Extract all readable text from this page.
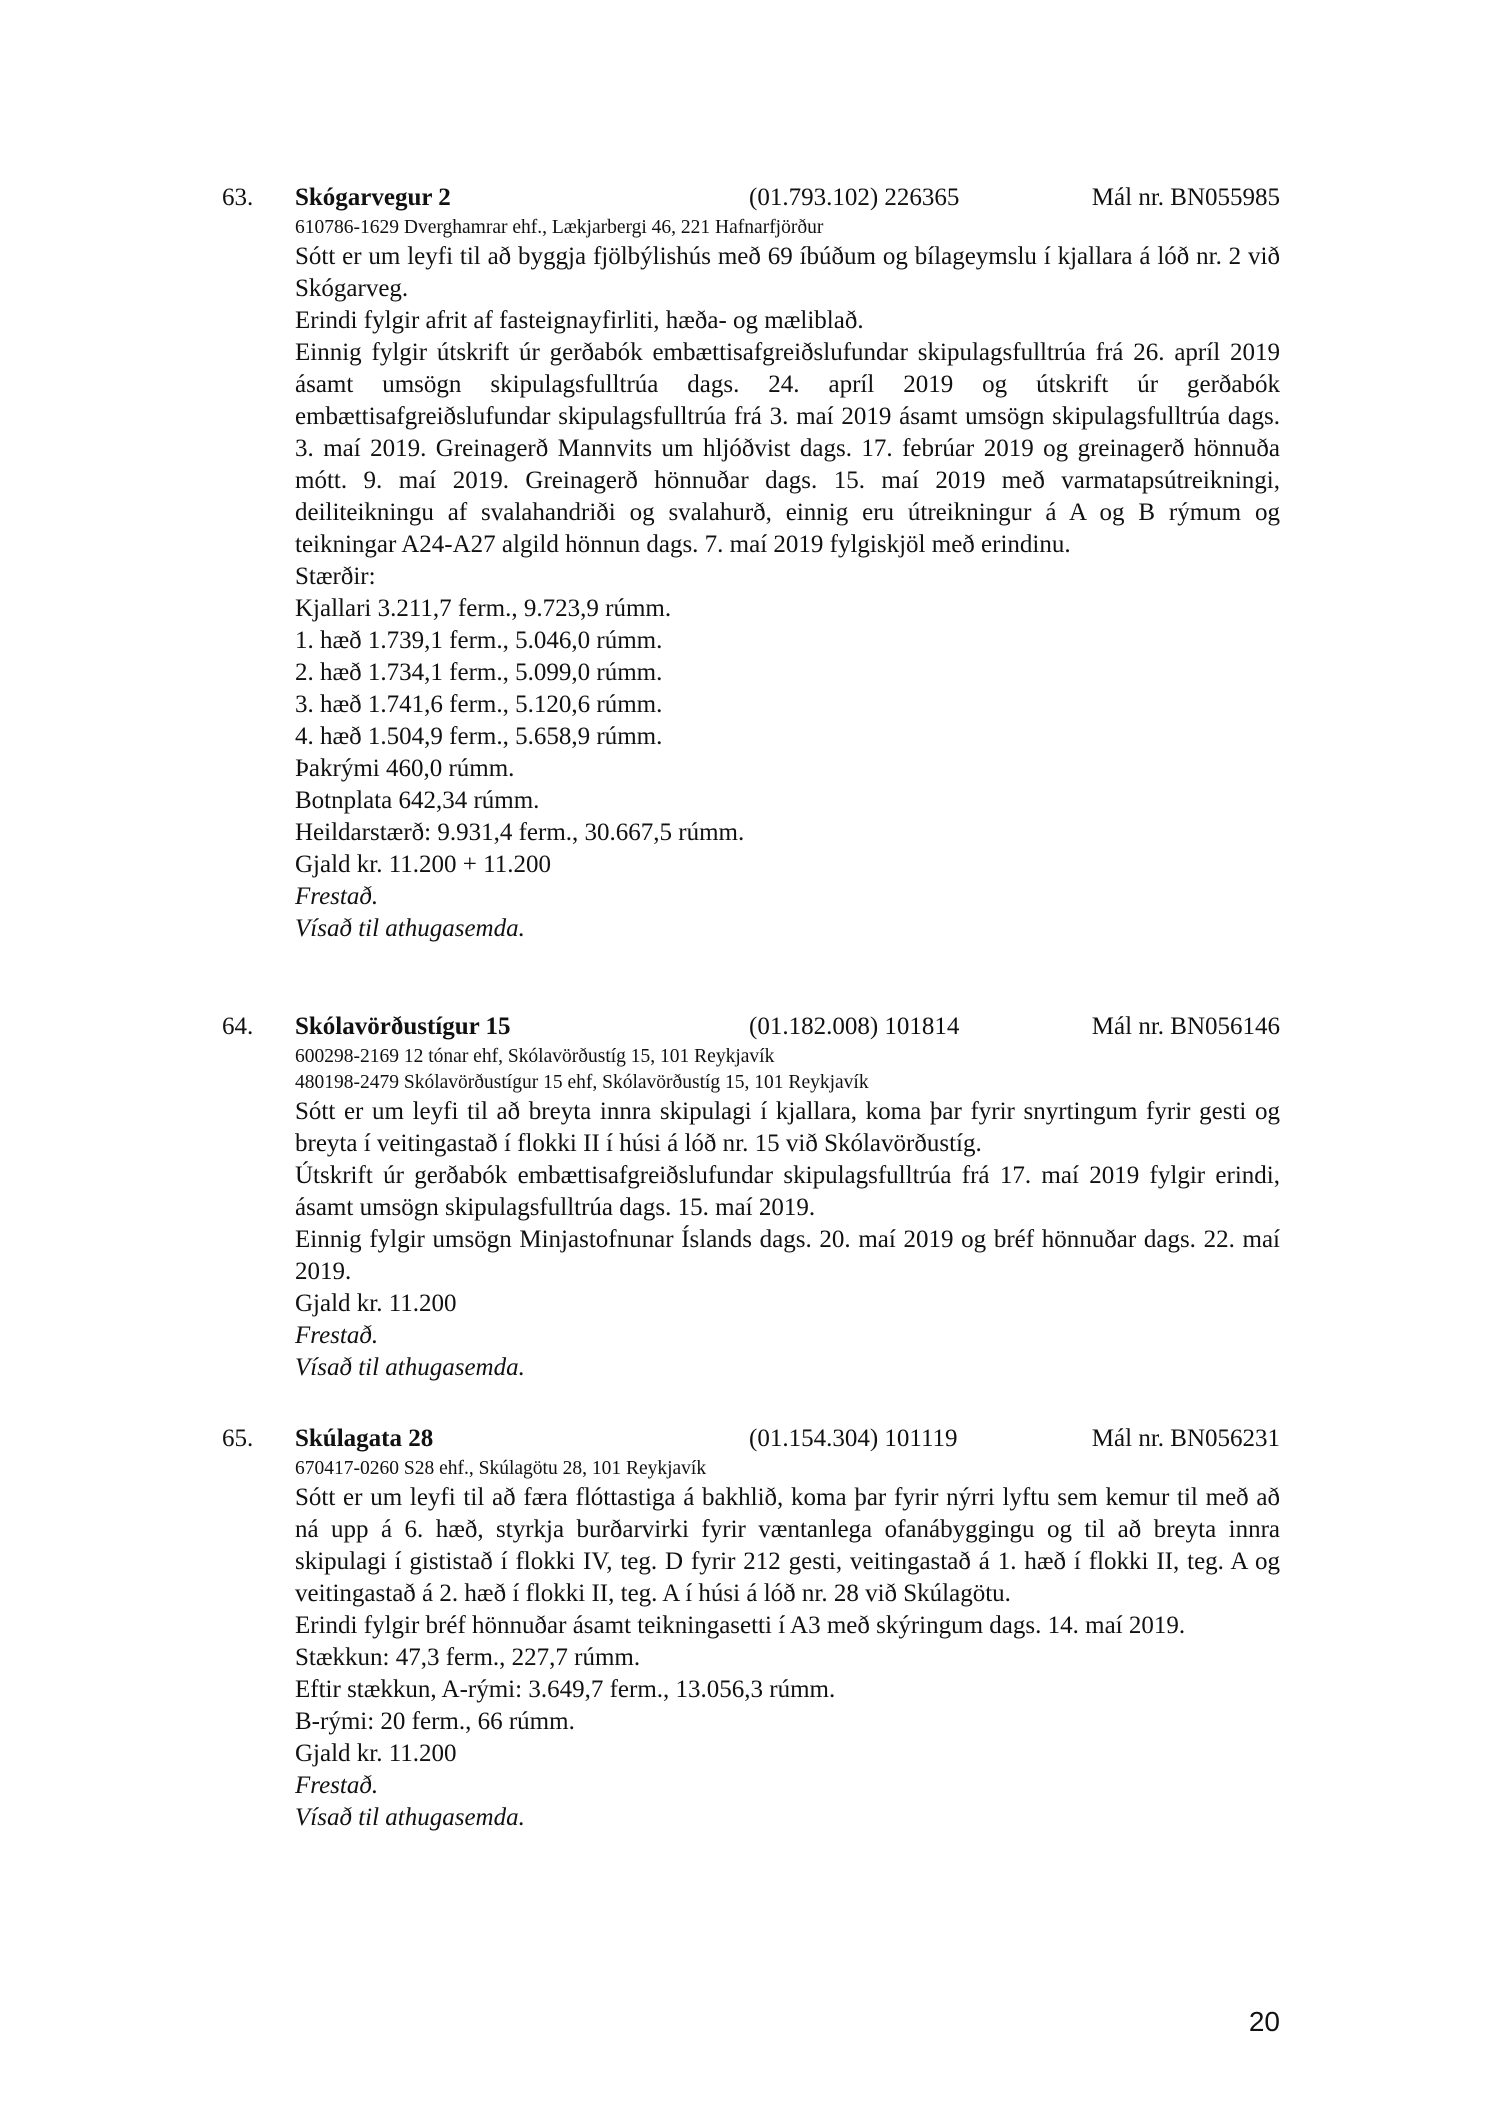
63. Skógarvegur 2	(01.793.102) 226365	Mál nr. BN055985
610786-1629 Dverghamrar ehf., Lækjarbergi 46, 221 Hafnarfjörður
Sótt er um leyfi til að byggja fjölbýlishús með 69 íbúðum og bílageymslu í kjallara á lóð nr. 2 við Skógarveg.
Erindi fylgir afrit af fasteignayfirliti, hæða- og mæliblað.
Einnig fylgir útskrift úr gerðabók embættisafgreiðslufundar skipulagsfulltrúa frá 26. apríl 2019 ásamt umsögn skipulagsfulltrúa dags. 24. apríl 2019 og útskrift úr gerðabók embættisafgreiðslufundar skipulagsfulltrúa frá 3. maí 2019 ásamt umsögn skipulagsfulltrúa dags. 3. maí 2019. Greinagerð Mannvits um hljóðvist dags. 17. febrúar 2019 og greinagerð hönnuða mótt. 9. maí 2019. Greinagerð hönnuðar dags. 15. maí 2019 með varmatapsútreikningi, deiliteikningu af svalahandriði og svalahurð, einnig eru útreikningur á A og B rýmum og teikningar A24-A27 algild hönnun dags. 7. maí 2019 fylgiskjöl með erindinu.
Stærðir:
Kjallari 3.211,7 ferm., 9.723,9 rúmm.
1. hæð 1.739,1 ferm., 5.046,0 rúmm.
2. hæð 1.734,1 ferm., 5.099,0 rúmm.
3. hæð 1.741,6 ferm., 5.120,6 rúmm.
4. hæð 1.504,9 ferm., 5.658,9 rúmm.
Þakrými 460,0 rúmm.
Botnplata 642,34 rúmm.
Heildarstærð: 9.931,4 ferm., 30.667,5 rúmm.
Gjald kr. 11.200 + 11.200
Frestað.
Vísað til athugasemda.
64. Skólavörðustígur 15	(01.182.008) 101814	Mál nr. BN056146
600298-2169 12 tónar ehf, Skólavörðustíg 15, 101 Reykjavík
480198-2479 Skólavörðustígur 15 ehf, Skólavörðustíg 15, 101 Reykjavík
Sótt er um leyfi til að breyta innra skipulagi í kjallara, koma þar fyrir snyrtingum fyrir gesti og breyta í veitingastað í flokki II í húsi á lóð nr. 15 við Skólavörðustíg.
Útskrift úr gerðabók embættisafgreiðslufundar skipulagsfulltrúa frá 17. maí 2019 fylgir erindi, ásamt umsögn skipulagsfulltrúa dags. 15. maí 2019.
Einnig fylgir umsögn Minjastofnunar Íslands dags. 20. maí 2019 og bréf hönnuðar dags. 22. maí 2019.
Gjald kr. 11.200
Frestað.
Vísað til athugasemda.
65. Skúlagata 28	(01.154.304) 101119	Mál nr. BN056231
670417-0260 S28 ehf., Skúlagötu 28, 101 Reykjavík
Sótt er um leyfi til að færa flóttastiga á bakhlið, koma þar fyrir nýrri lyftu sem kemur til með að ná upp á 6. hæð, styrkja burðarvirki fyrir væntanlega ofanábyggingu og til að breyta innra skipulagi í gististað í flokki IV, teg. D fyrir 212 gesti, veitingastað á 1. hæð í flokki II, teg. A og veitingastað á 2. hæð í flokki II, teg. A í húsi á lóð nr. 28 við Skúlagötu.
Erindi fylgir bréf hönnuðar ásamt teikningasetti í A3 með skýringum dags. 14. maí 2019.
Stækkun: 47,3 ferm., 227,7 rúmm.
Eftir stækkun, A-rými: 3.649,7 ferm., 13.056,3 rúmm.
B-rými: 20 ferm., 66 rúmm.
Gjald kr. 11.200
Frestað.
Vísað til athugasemda.
20
